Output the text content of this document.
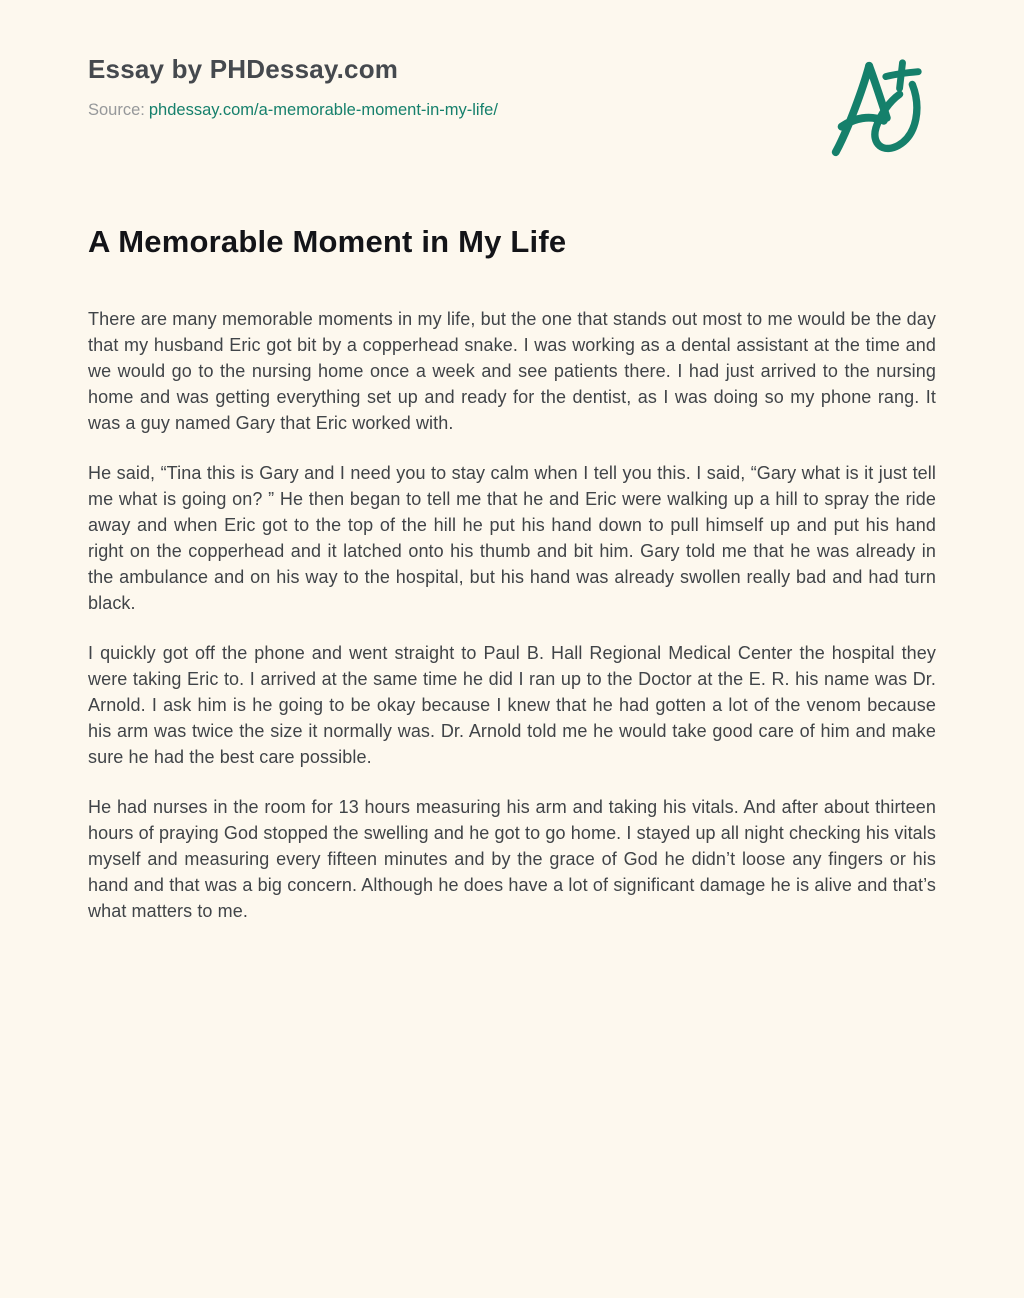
Essay by PHDessay.com
Source: phdessay.com/a-memorable-moment-in-my-life/
A Memorable Moment in My Life

There are many memorable moments in my life, but the one that stands out most to me would be the day that my husband Eric got bit by a copperhead snake. I was working as a dental assistant at the time and we would go to the nursing home once a week and see patients there. I had just arrived to the nursing home and was getting everything set up and ready for the dentist, as I was doing so my phone rang. It was a guy named Gary that Eric worked with.

He said, “Tina this is Gary and I need you to stay calm when I tell you this. I said, “Gary what is it just tell me what is going on? ” He then began to tell me that he and Eric were walking up a hill to spray the ride away and when Eric got to the top of the hill he put his hand down to pull himself up and put his hand right on the copperhead and it latched onto his thumb and bit him. Gary told me that he was already in the ambulance and on his way to the hospital, but his hand was already swollen really bad and had turn black.

I quickly got off the phone and went straight to Paul B. Hall Regional Medical Center the hospital they were taking Eric to. I arrived at the same time he did I ran up to the Doctor at the E. R. his name was Dr. Arnold. I ask him is he going to be okay because I knew that he had gotten a lot of the venom because his arm was twice the size it normally was. Dr. Arnold told me he would take good care of him and make sure he had the best care possible.

He had nurses in the room for 13 hours measuring his arm and taking his vitals. And after about thirteen hours of praying God stopped the swelling and he got to go home. I stayed up all night checking his vitals myself and measuring every fifteen minutes and by the grace of God he didn’t loose any fingers or his hand and that was a big concern. Although he does have a lot of significant damage he is alive and that’s what matters to me.
